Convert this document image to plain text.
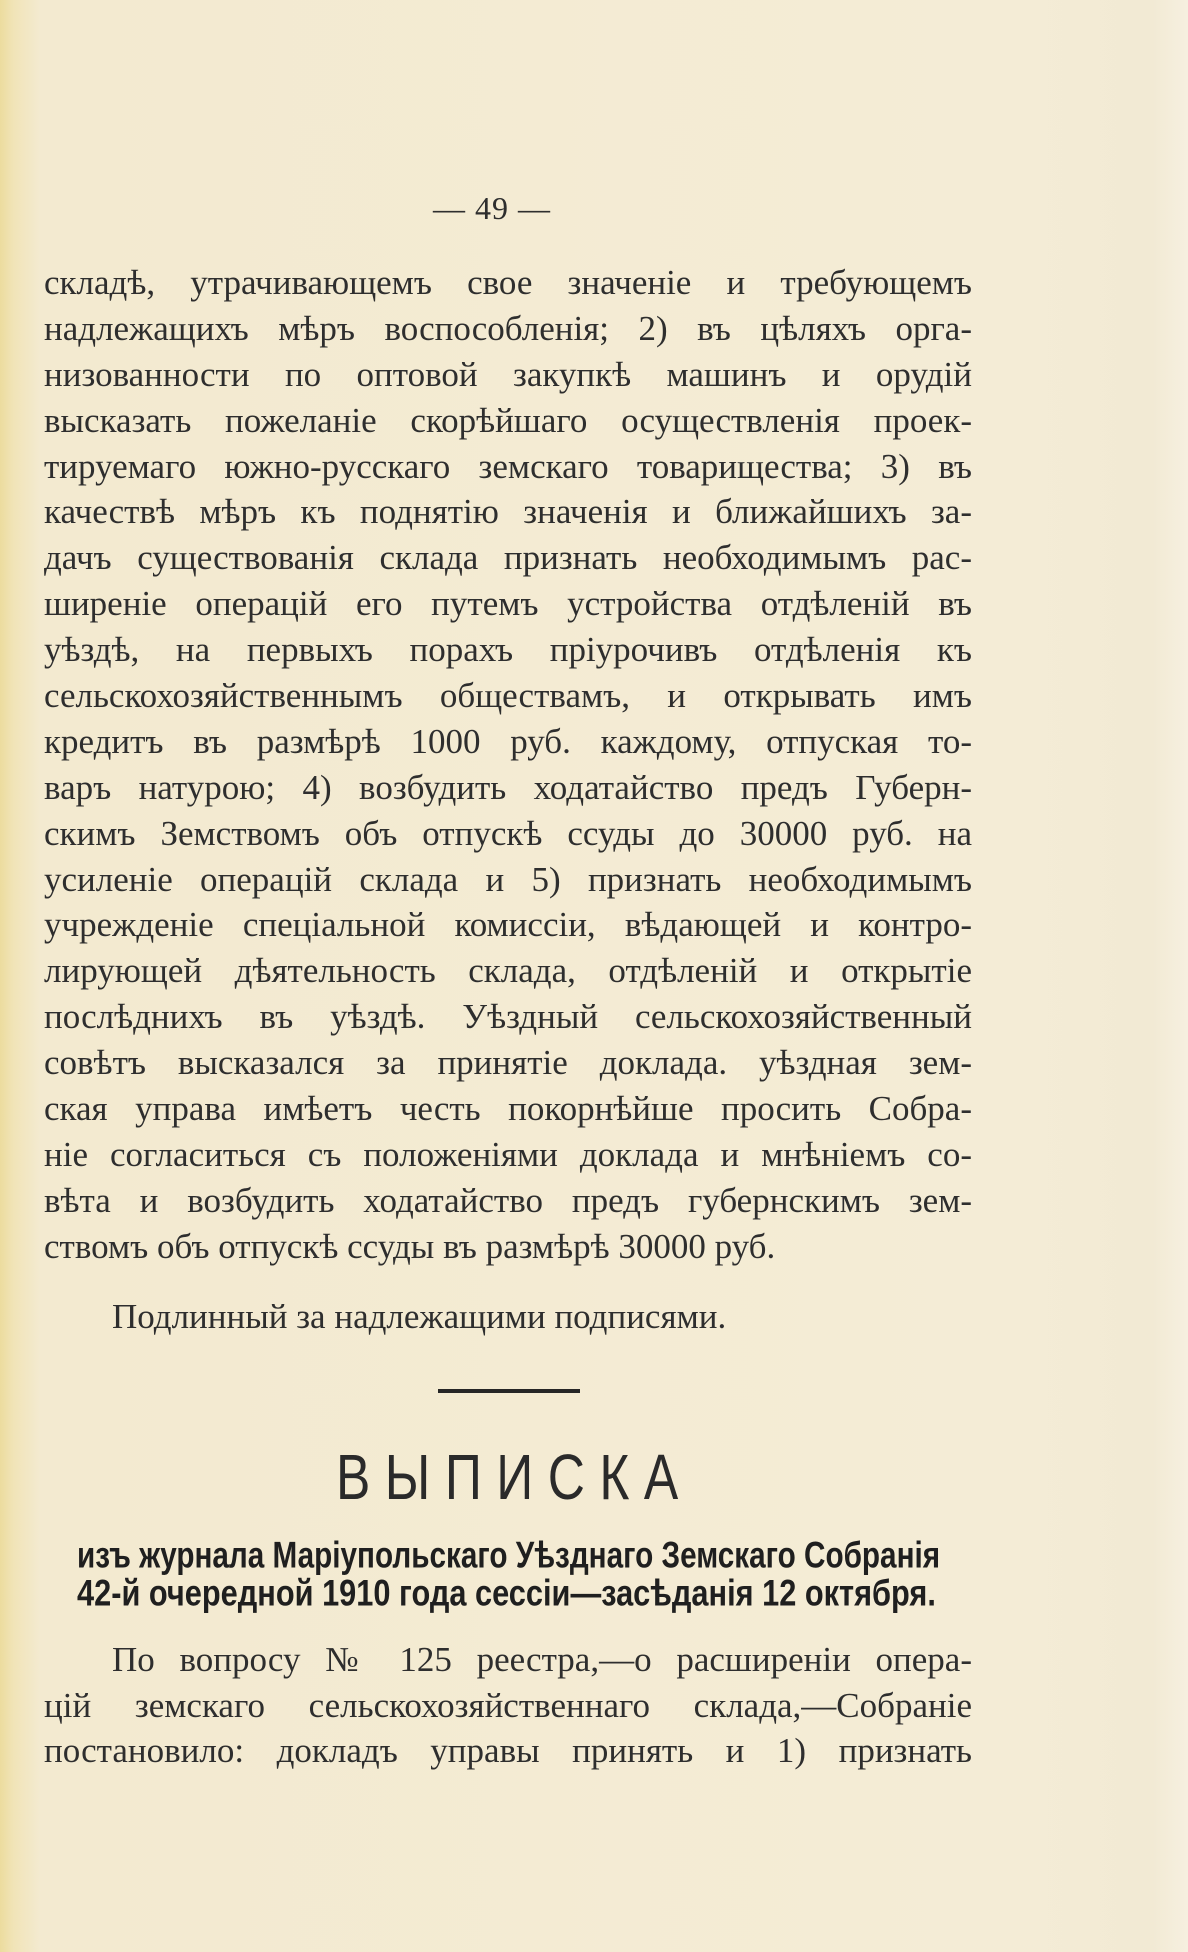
— 49 —
складѣ, утрачивающемъ свое значеніе и требующемъ
надлежащихъ мѣръ воспособленія; 2) въ цѣляхъ орга-
низованности по оптовой закупкѣ машинъ и орудій
высказать пожеланіе скорѣйшаго осуществленія проек-
тируемаго южно-русскаго земскаго товарищества; 3) въ
качествѣ мѣръ къ поднятію значенія и ближайшихъ за-
дачъ существованія склада признать необходимымъ рас-
ширеніе операцій его путемъ устройства отдѣленій въ
уѣздѣ, на первыхъ порахъ пріурочивъ отдѣленія къ
сельскохозяйственнымъ обществамъ, и открывать имъ
кредитъ въ размѣрѣ 1000 руб. каждому, отпуская то-
варъ натурою; 4) возбудить ходатайство предъ Губерн-
скимъ Земствомъ объ отпускѣ ссуды до 30000 руб. на
усиленіе операцій склада и 5) признать необходимымъ
учрежденіе спеціальной комиссіи, вѣдающей и контро-
лирующей дѣятельность склада, отдѣленій и открытіе
послѣднихъ въ уѣздѣ. Уѣздный сельскохозяйственный
совѣтъ высказался за принятіе доклада. уѣздная зем-
ская управа имѣетъ честь покорнѣйше просить Собра-
ніе согласиться съ положеніями доклада и мнѣніемъ со-
вѣта и возбудить ходатайство предъ губернскимъ зем-
ствомъ объ отпускѣ ссуды въ размѣрѣ 30000 руб.
Подлинный за надлежащими подписями.
ВЫПИСКА
изъ журнала Маріупольскаго Уѣзднаго Земскаго Собранія
42-й очередной 1910 года сессіи—засѣданія 12 октября.
По вопросу № 125 реестра,—о расширеніи опера-
цій земскаго сельскохозяйственнаго склада,—Собраніе
постановило: докладъ управы принять и 1) признать
